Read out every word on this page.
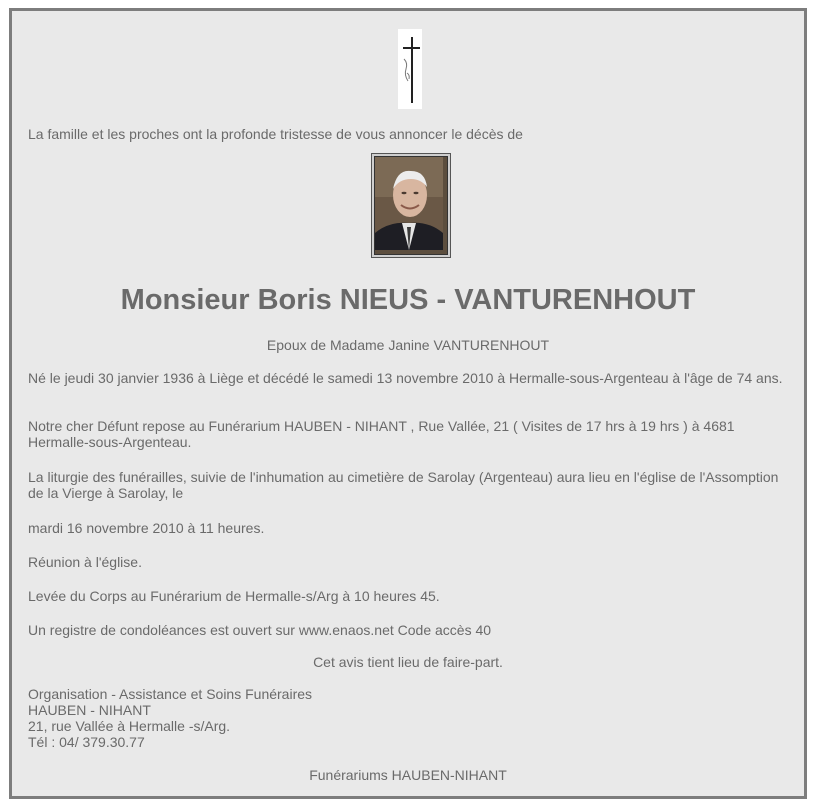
La famille et les proches ont la profonde tristesse de vous annoncer le décès de

Monsieur Boris NIEUS - VANTURENHOUT

Epoux de Madame Janine VANTURENHOUT

Né le jeudi 30 janvier 1936 à Liège et décédé le samedi 13 novembre 2010 à Hermalle-sous-Argenteau à l'âge de 74 ans.

Notre cher Défunt repose au Funérarium HAUBEN - NIHANT , Rue Vallée, 21 ( Visites de 17 hrs à 19 hrs ) à 4681 Hermalle-sous-Argenteau.

La liturgie des funérailles, suivie de l'inhumation au cimetière de Sarolay (Argenteau) aura lieu en l'église de l'Assomption de la Vierge à Sarolay, le

mardi 16 novembre 2010 à 11 heures.

Réunion à l'église.

Levée du Corps au Funérarium de Hermalle-s/Arg à 10 heures 45.

Un registre de condoléances est ouvert sur www.enaos.net Code accès 40

Cet avis tient lieu de faire-part.

Organisation - Assistance et Soins Funéraires
HAUBEN - NIHANT
21, rue Vallée à Hermalle -s/Arg.
Tél : 04/ 379.30.77

Funérariums HAUBEN-NIHANT
